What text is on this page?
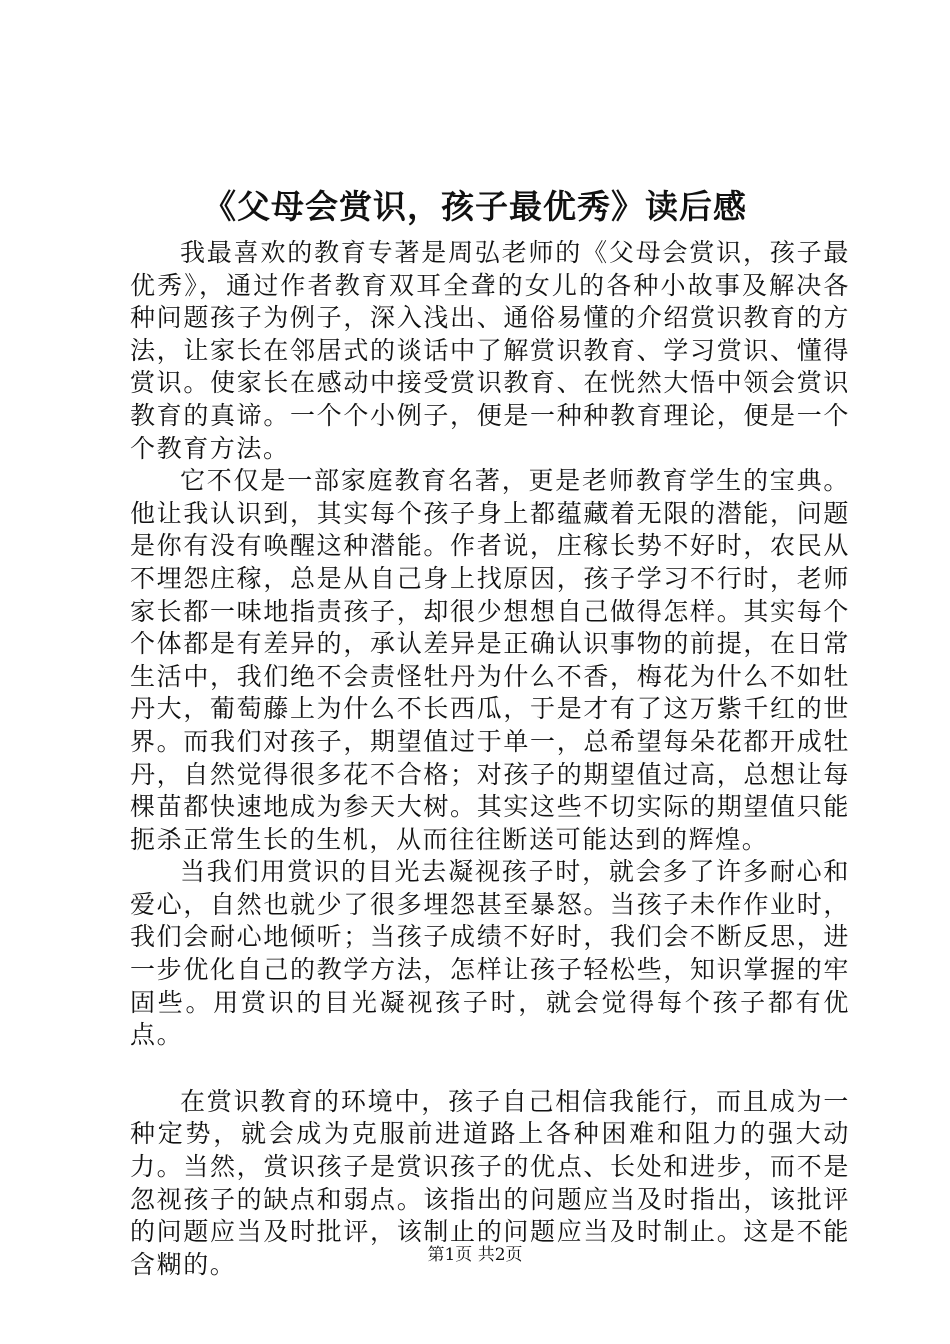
《父母会赏识，孩子最优秀》读后感

我最喜欢的教育专著是周弘老师的《父母会赏识，孩子最优秀》，通过作者教育双耳全聋的女儿的各种小故事及解决各种问题孩子为例子，深入浅出、通俗易懂的介绍赏识教育的方法，让家长在邻居式的谈话中了解赏识教育、学习赏识、懂得赏识。使家长在感动中接受赏识教育、在恍然大悟中领会赏识教育的真谛。一个个小例子，便是一种种教育理论，便是一个个教育方法。

它不仅是一部家庭教育名著，更是老师教育学生的宝典。他让我认识到，其实每个孩子身上都蕴藏着无限的潜能，问题是你有没有唤醒这种潜能。作者说，庄稼长势不好时，农民从不埋怨庄稼，总是从自己身上找原因，孩子学习不行时，老师家长都一味地指责孩子，却很少想想自己做得怎样。其实每个个体都是有差异的，承认差异是正确认识事物的前提，在日常生活中，我们绝不会责怪牡丹为什么不香，梅花为什么不如牡丹大，葡萄藤上为什么不长西瓜，于是才有了这万紫千红的世界。而我们对孩子，期望值过于单一，总希望每朵花都开成牡丹，自然觉得很多花不合格；对孩子的期望值过高，总想让每棵苗都快速地成为参天大树。其实这些不切实际的期望值只能扼杀正常生长的生机，从而往往断送可能达到的辉煌。

当我们用赏识的目光去凝视孩子时，就会多了许多耐心和爱心，自然也就少了很多埋怨甚至暴怒。当孩子未作作业时，我们会耐心地倾听；当孩子成绩不好时，我们会不断反思，进一步优化自己的教学方法，怎样让孩子轻松些，知识掌握的牢固些。用赏识的目光凝视孩子时，就会觉得每个孩子都有优点。

在赏识教育的环境中，孩子自己相信我能行，而且成为一种定势，就会成为克服前进道路上各种困难和阻力的强大动力。当然，赏识孩子是赏识孩子的优点、长处和进步，而不是忽视孩子的缺点和弱点。该指出的问题应当及时指出，该批评的问题应当及时批评，该制止的问题应当及时制止。这是不能含糊的。	第1页 共2页
